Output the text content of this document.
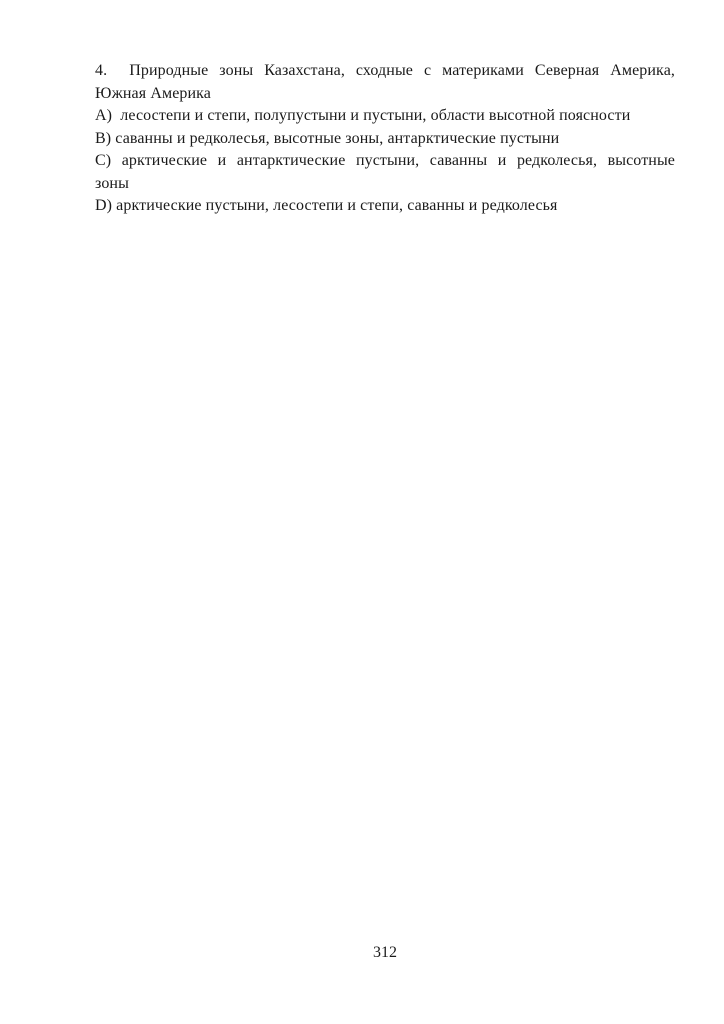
4.  Природные зоны Казахстана, сходные с материками Северная Америка,
Южная Америка
А)  лесостепи и степи, полупустыни и пустыни, области высотной поясности
В) саванны и редколесья, высотные зоны, антарктические пустыни
С) арктические и антарктические пустыни, саванны и редколесья, высотные
зоны
D) арктические пустыни, лесостепи и степи, саванны и редколесья
312
